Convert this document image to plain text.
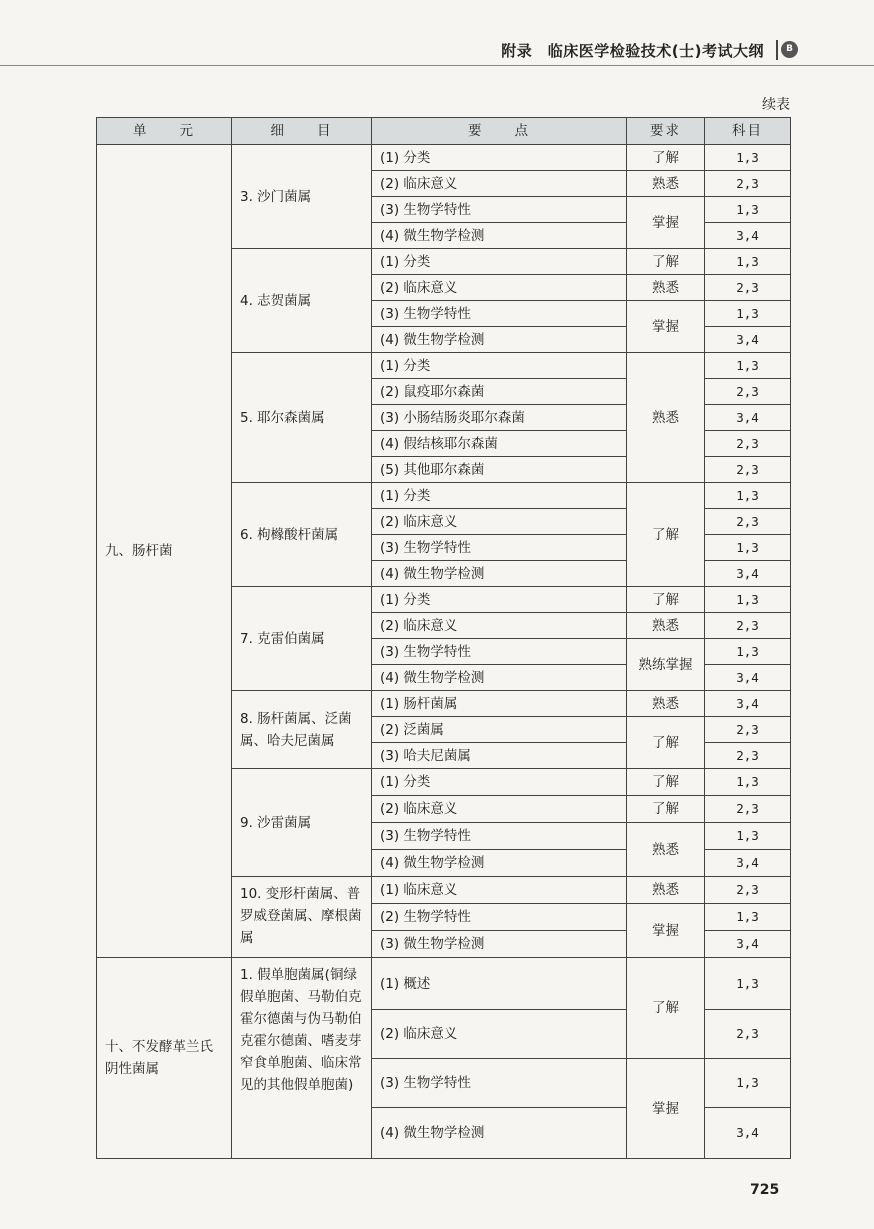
附录　临床医学检验技术(士)考试大纲	B
续表
单　　元	细　　目	要　　点	要求	科目
九、肠杆菌	3. 沙门菌属	(1) 分类	了解	1,3
		(2) 临床意义	熟悉	2,3
		(3) 生物学特性	掌握	1,3
		(4) 微生物学检测		3,4
	4. 志贺菌属	(1) 分类	了解	1,3
		(2) 临床意义	熟悉	2,3
		(3) 生物学特性	掌握	1,3
		(4) 微生物学检测		3,4
	5. 耶尔森菌属	(1) 分类	熟悉	1,3
		(2) 鼠疫耶尔森菌		2,3
		(3) 小肠结肠炎耶尔森菌		3,4
		(4) 假结核耶尔森菌		2,3
		(5) 其他耶尔森菌		2,3
	6. 枸橼酸杆菌属	(1) 分类	了解	1,3
		(2) 临床意义		2,3
		(3) 生物学特性		1,3
		(4) 微生物学检测		3,4
	7. 克雷伯菌属	(1) 分类	了解	1,3
		(2) 临床意义	熟悉	2,3
		(3) 生物学特性	熟练掌握	1,3
		(4) 微生物学检测		3,4
	8. 肠杆菌属、泛菌属、哈夫尼菌属	(1) 肠杆菌属	熟悉	3,4
		(2) 泛菌属	了解	2,3
		(3) 哈夫尼菌属		2,3
	9. 沙雷菌属	(1) 分类	了解	1,3
		(2) 临床意义	了解	2,3
		(3) 生物学特性	熟悉	1,3
		(4) 微生物学检测		3,4
	10. 变形杆菌属、普罗威登菌属、摩根菌属	(1) 临床意义	熟悉	2,3
		(2) 生物学特性	掌握	1,3
		(3) 微生物学检测		3,4
十、不发酵革兰氏阴性菌属	1. 假单胞菌属(铜绿假单胞菌、马勒伯克霍尔德菌与伪马勒伯克霍尔德菌、嗜麦芽窄食单胞菌、临床常见的其他假单胞菌)	(1) 概述	了解	1,3
		(2) 临床意义		2,3
		(3) 生物学特性	掌握	1,3
		(4) 微生物学检测		3,4
725
